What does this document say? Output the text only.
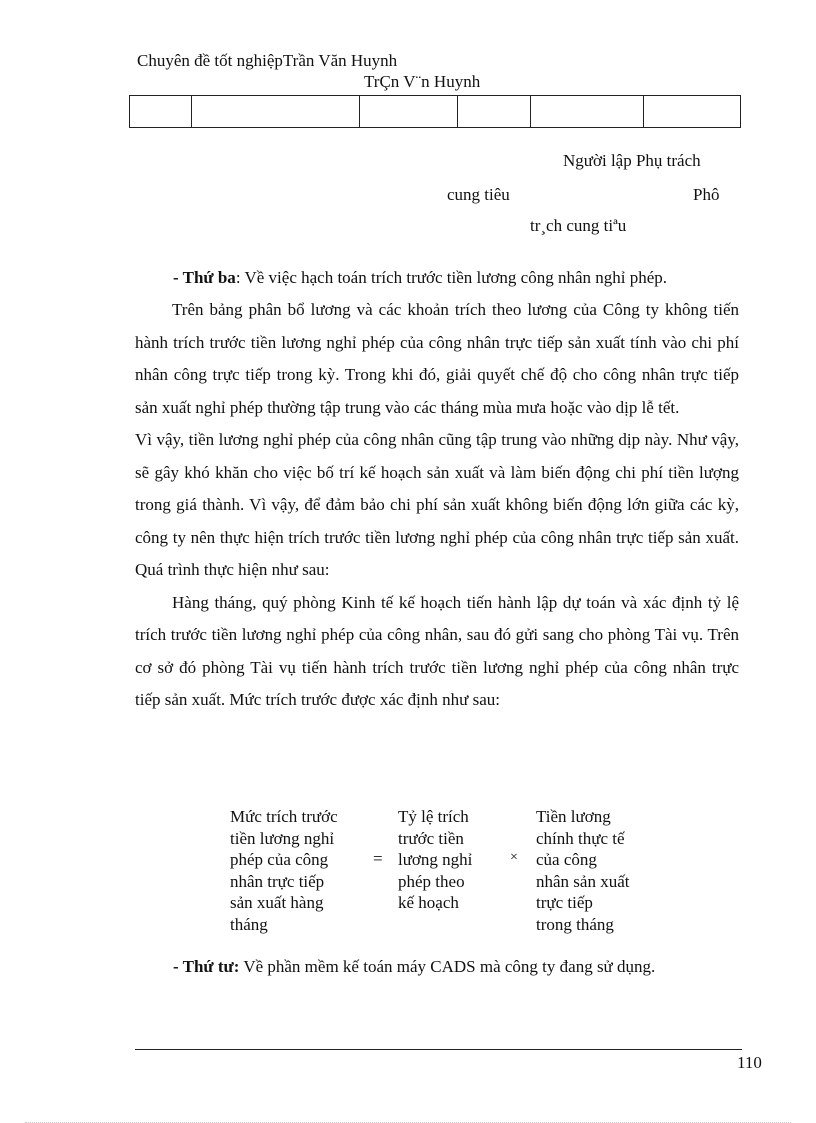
Chuyên đề tốt nghiệpTrần Văn Huynh
TrÇn V¨n Huynh

Người lập Phụ trách
cung tiêu	Phô
tr¸ch cung tiªu
- Thứ ba: Về việc hạch toán trích trước tiền lương công nhân nghỉ phép.

Trên bảng phân bổ lương và các khoản trích theo lương của Công ty không tiến hành trích trước tiền lương nghỉ phép của công nhân trực tiếp sản xuất tính vào chi phí nhân công trực tiếp trong kỳ. Trong khi đó, giải quyết chế độ cho công nhân trực tiếp sản xuất nghỉ phép thường tập trung vào các tháng mùa mưa hoặc vào dịp lễ tết.

Vì vậy, tiền lương nghỉ phép của công nhân cũng tập trung vào những dịp này. Như vậy, sẽ gây khó khăn cho việc bố trí kế hoạch sản xuất và làm biến động chi phí tiền lượng trong giá thành. Vì vậy, để đảm bảo chi phí sản xuất không biến động lớn giữa các kỳ, công ty nên thực hiện trích trước tiền lương nghỉ phép của công nhân trực tiếp sản xuất. Quá trình thực hiện như sau:

Hàng tháng, quý phòng Kinh tế kế hoạch tiến hành lập dự toán và xác định tỷ lệ trích trước tiền lương nghỉ phép của công nhân, sau đó gửi sang cho phòng Tài vụ. Trên cơ sở đó phòng Tài vụ tiến hành trích trước tiền lương nghỉ phép của công nhân trực tiếp sản xuất. Mức trích trước được xác định như sau:

Mức trích trước
tiền lương nghỉ
phép của công
nhân trực tiếp
sản xuất hàng
tháng
=
Tỷ lệ trích
trước tiền
lương nghỉ
phép theo
kế hoạch
×
Tiền lương
chính thực tế
của công
nhân sản xuất
trực tiếp
trong tháng
- Thứ tư: Về phần mềm kế toán máy CADS mà công ty đang sử dụng.
110
